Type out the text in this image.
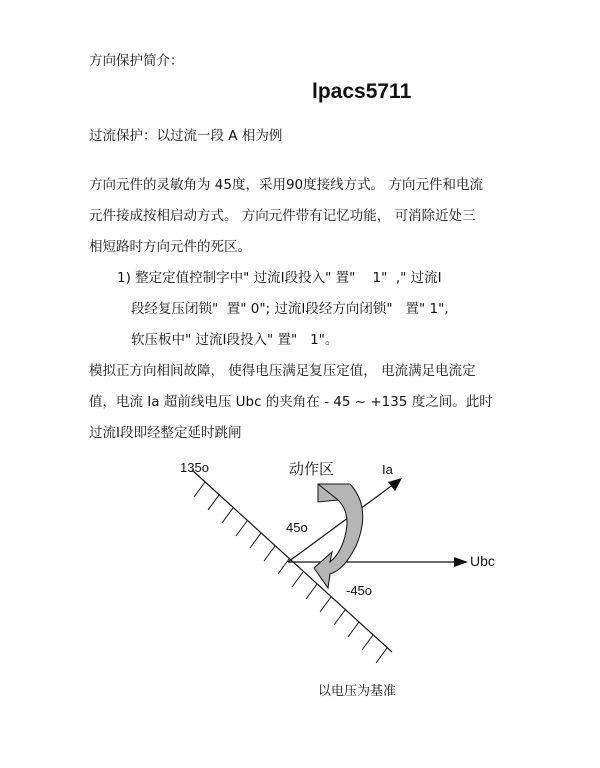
方向保护简介：
lpacs5711
过流保护：以过流一段 A 相为例
方向元件的灵敏角为 45度，采用90度接线方式。 方向元件和电流
元件接成按相启动方式。 方向元件带有记忆功能， 可消除近处三
相短路时方向元件的死区。
1) 整定定值控制字中" 过流Ⅰ段投入" 置"    1"  ," 过流Ⅰ
段经复压闭锁"  置" 0"; 过流Ⅰ段经方向闭锁"   置" 1",
软压板中" 过流Ⅰ段投入" 置"   1"。
模拟正方向相间故障， 使得电压满足复压定值， 电流满足电流定
值，电流 Ia 超前线电压 Ubc 的夹角在 - 45 ~ +135 度之间。此时
过流Ⅰ段即经整定延时跳闸
135o	动作区	Ia
45o
Ubc
-45o
以电压为基准
